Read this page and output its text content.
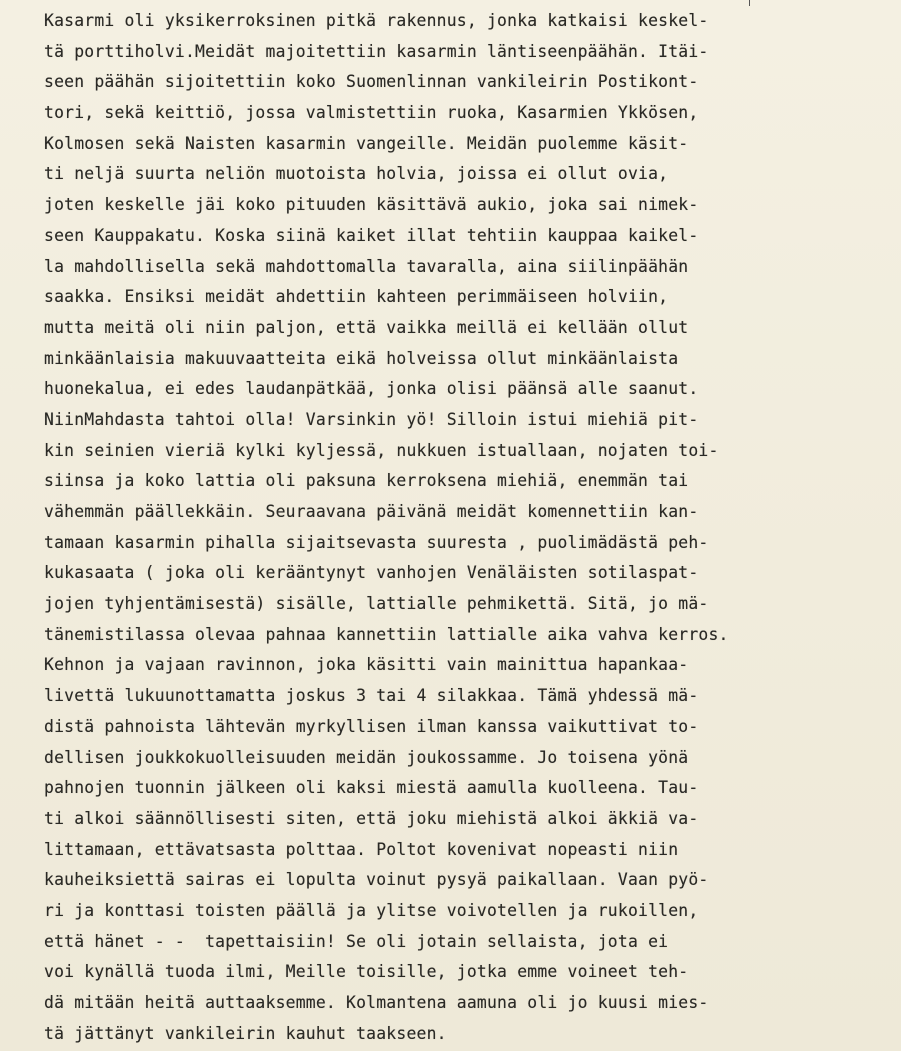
Kasarmi oli yksikerroksinen pitkä rakennus, jonka katkaisi keskel-
tä porttiholvi.Meidät majoitettiin kasarmin läntiseenpäähän. Itäi-
seen päähän sijoitettiin koko Suomenlinnan vankileirin Postikont-
tori, sekä keittiö, jossa valmistettiin ruoka, Kasarmien Ykkösen,
Kolmosen sekä Naisten kasarmin vangeille. Meidän puolemme käsit-
ti neljä suurta neliön muotoista holvia, joissa ei ollut ovia,
joten keskelle jäi koko pituuden käsittävä aukio, joka sai nimek-
seen Kauppakatu. Koska siinä kaiket illat tehtiin kauppaa kaikel-
la mahdollisella sekä mahdottomalla tavaralla, aina siilinpäähän
saakka. Ensiksi meidät ahdettiin kahteen perimmäiseen holviin,
mutta meitä oli niin paljon, että vaikka meillä ei kellään ollut
minkäänlaisia makuuvaatteita eikä holveissa ollut minkäänlaista
huonekalua, ei edes laudanpätkää, jonka olisi päänsä alle saanut.
NiinMahdasta tahtoi olla! Varsinkin yö! Silloin istui miehiä pit-
kin seinien vieriä kylki kyljessä, nukkuen istuallaan, nojaten toi-
siinsa ja koko lattia oli paksuna kerroksena miehiä, enemmän tai
vähemmän päällekkäin. Seuraavana päivänä meidät komennettiin kan-
tamaan kasarmin pihalla sijaitsevasta suuresta , puolimädästä peh-
kukasaata ( joka oli kerääntynyt vanhojen Venäläisten sotilaspat-
jojen tyhjentämisestä) sisälle, lattialle pehmikettä. Sitä, jo mä-
tänemistilassa olevaa pahnaa kannettiin lattialle aika vahva kerros.
Kehnon ja vajaan ravinnon, joka käsitti vain mainittua hapankaa-
livettä lukuunottamatta joskus 3 tai 4 silakkaa. Tämä yhdessä mä-
distä pahnoista lähtevän myrkyllisen ilman kanssa vaikuttivat to-
dellisen joukkokuolleisuuden meidän joukossamme. Jo toisena yönä
pahnojen tuonnin jälkeen oli kaksi miestä aamulla kuolleena. Tau-
ti alkoi säännöllisesti siten, että joku miehistä alkoi äkkiä va-
littamaan, ettävatsasta polttaa. Poltot kovenivat nopeasti niin
kauheiksiettä sairas ei lopulta voinut pysyä paikallaan. Vaan pyö-
ri ja konttasi toisten päällä ja ylitse voivotellen ja rukoillen,
että hänet - -  tapettaisiin! Se oli jotain sellaista, jota ei
voi kynällä tuoda ilmi, Meille toisille, jotka emme voineet teh-
dä mitään heitä auttaaksemme. Kolmantena aamuna oli jo kuusi mies-
tä jättänyt vankileirin kauhut taakseen.
